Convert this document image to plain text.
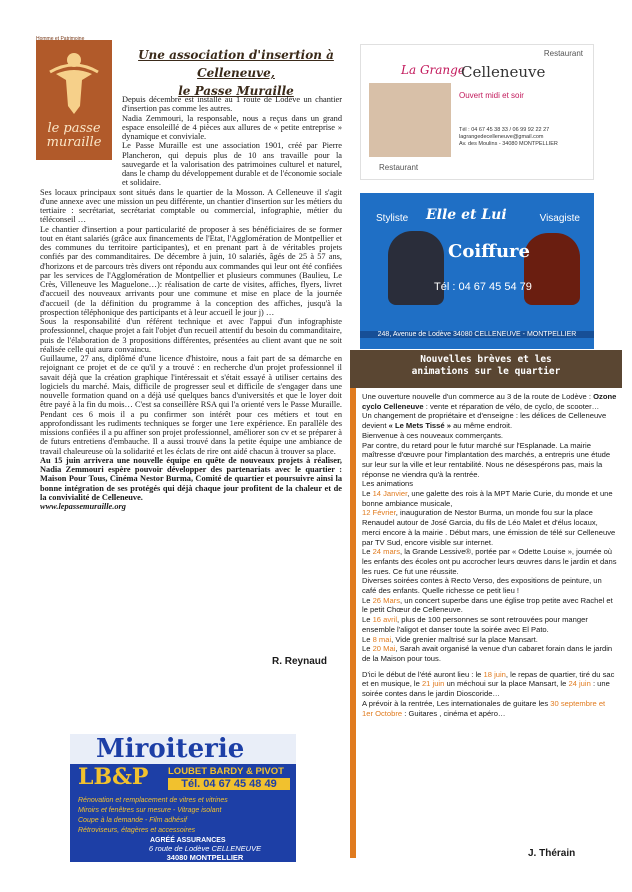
Homme et Patrimoine
le passe
muraille
Une association d'insertion à Celleneuve,
le Passe Muraille

Depuis décembre est installé au 1 route de Lodève un chantier d'insertion pas comme les autres.

Nadia Zemmouri, la responsable, nous a reçus dans un grand espace ensoleillé de 4 pièces aux allures de « petite entreprise » dynamique et conviviale.

Le Passe Muraille est une association 1901, créé par Pierre Plancheron, qui depuis plus de 10 ans travaille pour la sauvegarde et la valorisation des patrimoines culturel et naturel, dans le champ du développement durable et de l'économie sociale et solidaire.

Ses locaux principaux sont situés dans le quartier de la Mosson. A Celleneuve il s'agit d'une annexe avec une mission un peu différente, un chantier d'insertion sur les métiers du tertiaire : secrétariat, secrétariat comptable ou commercial, infographie, métier du téléconseil …

Le chantier d'insertion a pour particularité de proposer à ses bénéficiaires de se former tout en étant salariés (grâce aux financements de l'Etat, l'Agglomération de Montpellier et des communes du territoire participantes), et en prenant part à de véritables projets confiés par des commanditaires. De décembre à juin, 10 salariés, âgés de 25 à 57 ans, d'horizons et de parcours très divers ont répondu aux commandes qui leur ont été confiées par les services de l'Agglomération de Montpellier et plusieurs communes (Baulieu, Le Crès, Villeneuve les Maguelone…): réalisation de carte de visites, affiches, flyers, livret d'accueil des nouveaux arrivants pour une commune et mise en place de la journée d'accueil (de la définition du programme à la conception des affiches, jusqu'à la prospection téléphonique des participants et à leur accueil le jour j) …

Sous la responsabilité d'un référent technique et avec l'appui d'un infographiste professionnel, chaque projet a fait l'objet d'un recueil attentif du besoin du commanditaire, puis de l'élaboration de 3 propositions différentes, présentées au client avant que ne soit réalisée celle qui aura convaincu.

Guillaume, 27 ans, diplômé d'une licence d'histoire, nous a fait part de sa démarche en rejoignant ce projet et de ce qu'il y a trouvé : en recherche d'un projet professionnel il savait déjà que la création graphique l'intéressait et s'était essayé à utiliser certains des logiciels du marché. Mais, difficile de progresser seul et difficile de s'engager dans une nouvelle formation quand on a déjà usé quelques bancs d'universités et que le loyer doit être payé à la fin du mois… C'est sa conseillère RSA qui l'a orienté vers le Passe Muraille. Pendant ces 6 mois il a pu confirmer son intérêt pour ces métiers et tout en approfondissant les rudiments techniques se forger une 1ere expérience. En parallèle des missions confiées il a pu affiner son projet professionnel, améliorer son cv et se préparer à de futurs entretiens d'embauche. Il a aussi trouvé dans la petite équipe une ambiance de travail chaleureuse où la solidarité et les éclats de rire ont aidé chacun à trouver sa place.

Au 15 juin arrivera une nouvelle équipe en quête de nouveaux projets à réaliser, Nadia Zemmouri espère pouvoir développer des partenariats avec le quartier : Maison Pour Tous, Cinéma Nestor Burma, Comité de quartier et poursuivre ainsi la bonne intégration de ses protégés qui déjà chaque jour profitent de la chaleur et de la convivialité de Celleneuve.

www.lepassemuraille.org

R. Reynaud
Miroiterie
LB&P LOUBET BARDY & PIVOT
Tél. 04 67 45 48 49
Rénovation et remplacement de vitres et vitrines
Miroirs et fenêtres sur mesure - Vitrage isolant
Coupe à la demande - Film adhésif
Rétroviseurs, étagères et accessoires
AGRÉÉ ASSURANCES
6 route de Lodève CELLENEUVE
34080 MONTPELLIER
Restaurant
La Grange
Celleneuve
Ouvert midi et soir
Tél : 04 67 45 38 33 / 06 99 92 22 27
lagrangedecelleneuve@gmail.com
Av. des Moulins - 34080 MONTPELLIER
Restaurant
Styliste Elle et Lui	Visagiste
Coiffure
Tél : 04 67 45 54 79
248, Avenue de Lodève 34080 CELLENEUVE - MONTPELLIER
Nouvelles brèves et les
animations sur le quartier

Une ouverture nouvelle d'un commerce au 3 de la route de Lodève : Ozone cyclo Celleneuve : vente et réparation de vélo, de cyclo, de scooter…

Un changement de propriétaire et d'enseigne : les délices de Celleneuve devient « Le Mets Tissé » au même endroit.

Bienvenue à ces nouveaux commerçants.

Par contre, du retard pour le futur marché sur l'Esplanade. La mairie maîtresse d'œuvre pour l'implantation des marchés, a entrepris une étude sur leur sur la ville et leur rentabilité. Nous ne désespérons pas, mais la réponse ne viendra qu'à la rentrée.

Les animations

Le 14 Janvier, une galette des rois à la MPT Marie Curie, du monde et une bonne ambiance musicale,

12 Février, inauguration de Nestor Burma, un monde fou sur la place Renaudel autour de José Garcia, du fils de Léo Malet et d'élus locaux, merci encore à la mairie . Début mars, une émission de télé sur Celleneuve par TV Sud, encore visible sur internet.

Le 24 mars, la Grande Lessive®, portée par « Odette Louise », journée où les enfants des écoles ont pu accrocher leurs œuvres dans le jardin et dans les rues. Ce fut une réussite.

Diverses soirées contes à Recto Verso, des expositions de peinture, un café des enfants. Quelle richesse ce petit lieu !

Le 26 Mars, un concert superbe dans une église trop petite avec Rachel et le petit Chœur de Celleneuve.

Le 16 avril, plus de 100 personnes se sont retrouvées pour manger ensemble l'aligot et danser toute la soirée avec El Pato.

Le 8 mai, Vide grenier maîtrisé sur la place Mansart.

Le 20 Mai, Sarah avait organisé la venue d'un cabaret forain dans le jardin de la Maison pour tous.

D'ici le début de l'été auront lieu : le 18 juin, le repas de quartier, tiré du sac et en musique, le 21 juin un méchoui sur la place Mansart, le 24 juin : une soirée contes dans le jardin Dioscoride…

A prévoir à la rentrée, Les internationales de guitare les 30 septembre et 1er Octobre : Guitares , cinéma et apéro…

J. Thérain
